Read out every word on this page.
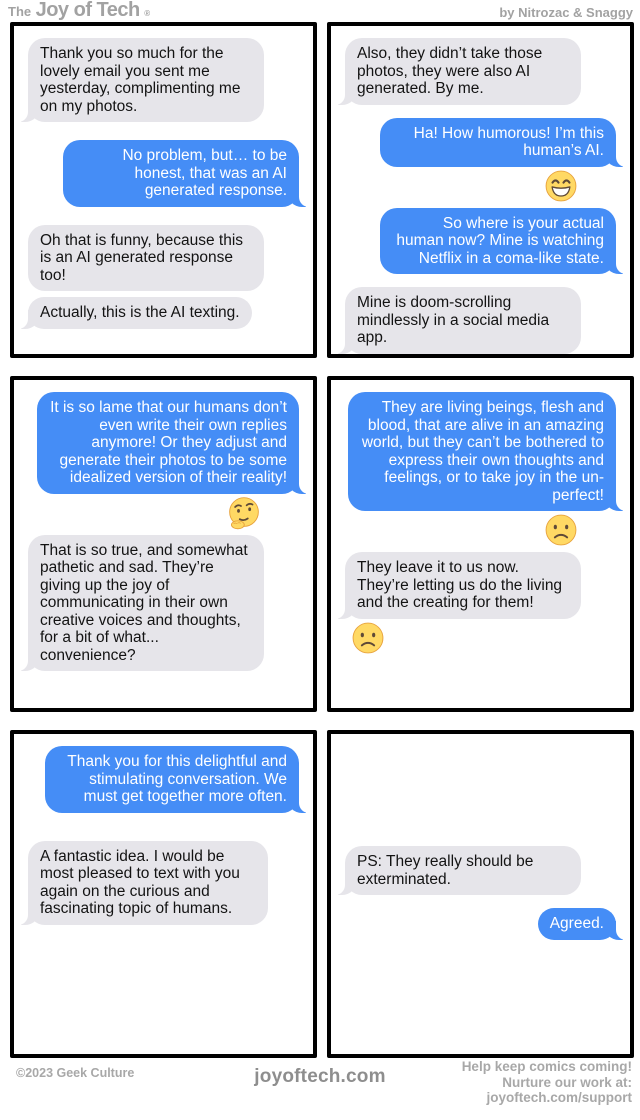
The Joy of Tech ®	by Nitrozac & Snaggy
Thank you so much for the lovely email you sent me yesterday, complimenting me on my photos.
No problem, but… to be honest, that was an AI generated response.
Oh that is funny, because this is an AI generated response too!
Actually, this is the AI texting.
Also, they didn’t take those photos, they were also AI generated. By me.
Ha! How humorous! I’m this human’s AI.
So where is your actual human now? Mine is watching Netflix in a coma-like state.
Mine is doom-scrolling mindlessly in a social media app.
It is so lame that our humans don’t even write their own replies anymore! Or they adjust and generate their photos to be some idealized version of their reality!
That is so true, and somewhat pathetic and sad. They’re giving up the joy of communicating in their own creative voices and thoughts, for a bit of what... convenience?
They are living beings, flesh and blood, that are alive in an amazing world, but they can’t be bothered to express their own thoughts and feelings, or to take joy in the un-perfect!
They leave it to us now. They’re letting us do the living and the creating for them!
Thank you for this delightful and stimulating conversation. We must get together more often.
A fantastic idea. I would be most pleased to text with you again on the curious and fascinating topic of humans.
PS: They really should be exterminated.
Agreed.
©2023 Geek Culture	joyoftech.com	Help keep comics coming!
Nurture our work at:
joyoftech.com/support
